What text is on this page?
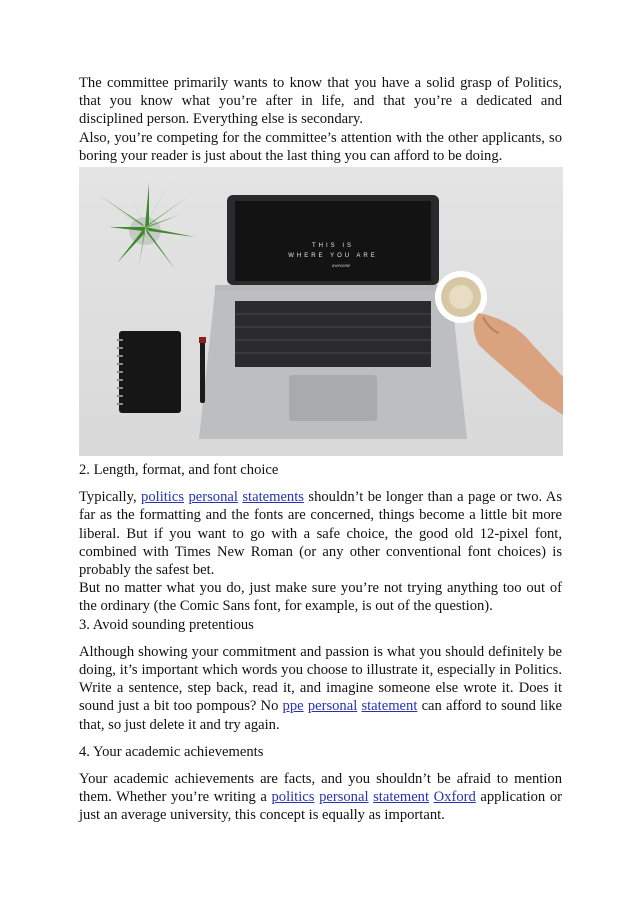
The committee primarily wants to know that you have a solid grasp of Politics, that you know what you’re after in life, and that you’re a dedicated and disciplined person. Everything else is secondary.

Also, you’re competing for the committee’s attention with the other applicants, so boring your reader is just about the last thing you can afford to be doing.

THIS IS
WHERE YOU ARE
awesome

2. Length, format, and font choice

Typically, politics personal statements shouldn’t be longer than a page or two. As far as the formatting and the fonts are concerned, things become a little bit more liberal. But if you want to go with a safe choice, the good old 12-pixel font, combined with Times New Roman (or any other conventional font choices) is probably the safest bet.

But no matter what you do, just make sure you’re not trying anything too out of the ordinary (the Comic Sans font, for example, is out of the question).

3. Avoid sounding pretentious

Although showing your commitment and passion is what you should definitely be doing, it’s important which words you choose to illustrate it, especially in Politics. Write a sentence, step back, read it, and imagine someone else wrote it. Does it sound just a bit too pompous? No ppe personal statement can afford to sound like that, so just delete it and try again.

4. Your academic achievements

Your academic achievements are facts, and you shouldn’t be afraid to mention them. Whether you’re writing a politics personal statement Oxford application or just an average university, this concept is equally as important.
